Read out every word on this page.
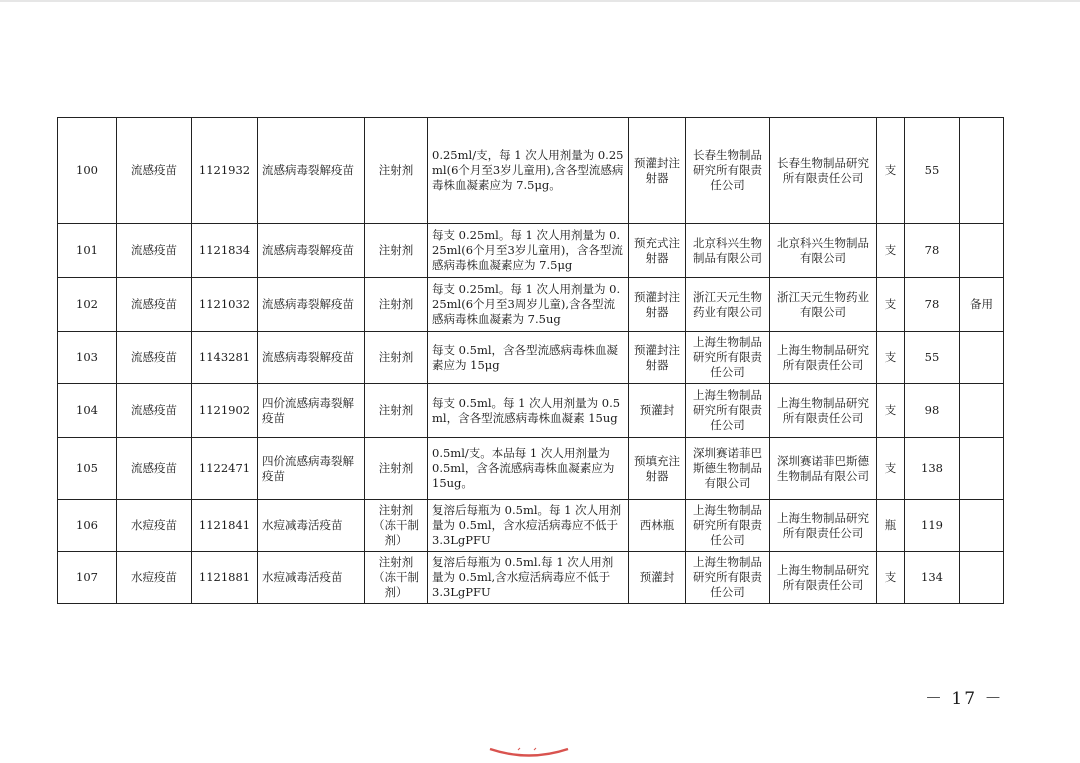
100	流感疫苗	1121932	流感病毒裂解疫苗	注射剂	0.25ml/支，每 1 次人用剂量为 0.25ml(6个月至3岁儿童用),含各型流感病毒株血凝素应为 7.5μg。	预灌封注射器	长春生物制品研究所有限责任公司	长春生物制品研究所有限责任公司	支	55	
101	流感疫苗	1121834	流感病毒裂解疫苗	注射剂	每支 0.25ml。每 1 次人用剂量为 0.25ml(6个月至3岁儿童用)，含各型流感病毒株血凝素应为 7.5μg	预充式注射器	北京科兴生物制品有限公司	北京科兴生物制品有限公司	支	78	
102	流感疫苗	1121032	流感病毒裂解疫苗	注射剂	每支 0.25ml。每 1 次人用剂量为 0.25ml(6个月至3周岁儿童),含各型流感病毒株血凝素为 7.5ug	预灌封注射器	浙江天元生物药业有限公司	浙江天元生物药业有限公司	支	78	备用
103	流感疫苗	1143281	流感病毒裂解疫苗	注射剂	每支 0.5ml，含各型流感病毒株血凝素应为 15μg	预灌封注射器	上海生物制品研究所有限责任公司	上海生物制品研究所有限责任公司	支	55	
104	流感疫苗	1121902	四价流感病毒裂解疫苗	注射剂	每支 0.5ml。每 1 次人用剂量为 0.5ml，含各型流感病毒株血凝素 15ug	预灌封	上海生物制品研究所有限责任公司	上海生物制品研究所有限责任公司	支	98	
105	流感疫苗	1122471	四价流感病毒裂解疫苗	注射剂	0.5ml/支。本品每 1 次人用剂量为 0.5ml，含各流感病毒株血凝素应为 15ug。	预填充注射器	深圳赛诺菲巴斯德生物制品有限公司	深圳赛诺菲巴斯德生物制品有限公司	支	138	
106	水痘疫苗	1121841	水痘减毒活疫苗	注射剂（冻干制剂）	复溶后每瓶为 0.5ml。每 1 次人用剂量为 0.5ml，含水痘活病毒应不低于 3.3LgPFU	西林瓶	上海生物制品研究所有限责任公司	上海生物制品研究所有限责任公司	瓶	119	
107	水痘疫苗	1121881	水痘减毒活疫苗	注射剂（冻干制剂）	复溶后每瓶为 0.5ml.每 1 次人用剂量为 0.5ml,含水痘活病毒应不低于 3.3LgPFU	预灌封	上海生物制品研究所有限责任公司	上海生物制品研究所有限责任公司	支	134	
－ 17 －
